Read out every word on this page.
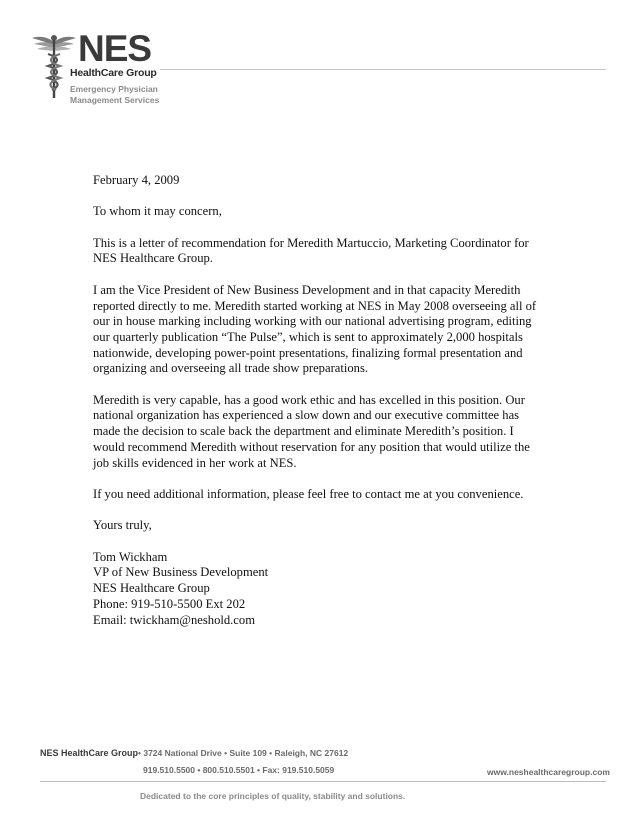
NES
HealthCare Group
Emergency Physician
Management Services

February 4, 2009

To whom it may concern,

This is a letter of recommendation for Meredith Martuccio, Marketing Coordinator for NES Healthcare Group.

I am the Vice President of New Business Development and in that capacity Meredith reported directly to me. Meredith started working at NES in May 2008 overseeing all of our in house marking including working with our national advertising program, editing our quarterly publication “The Pulse”, which is sent to approximately 2,000 hospitals nationwide, developing power-point presentations, finalizing formal presentation and organizing and overseeing all trade show preparations.

Meredith is very capable, has a good work ethic and has excelled in this position. Our national organization has experienced a slow down and our executive committee has made the decision to scale back the department and eliminate Meredith’s position. I would recommend Meredith without reservation for any position that would utilize the job skills evidenced in her work at NES.

If you need additional information, please feel free to contact me at you convenience.

Yours truly,

Tom Wickham
VP of New Business Development
NES Healthcare Group
Phone: 919-510-5500 Ext 202
Email: twickham@neshold.com
NES HealthCare Group • 3724 National Drive • Suite 109 • Raleigh, NC 27612
919.510.5500 • 800.510.5501 • Fax: 919.510.5059	www.neshealthcaregroup.com
Dedicated to the core principles of quality, stability and solutions.
